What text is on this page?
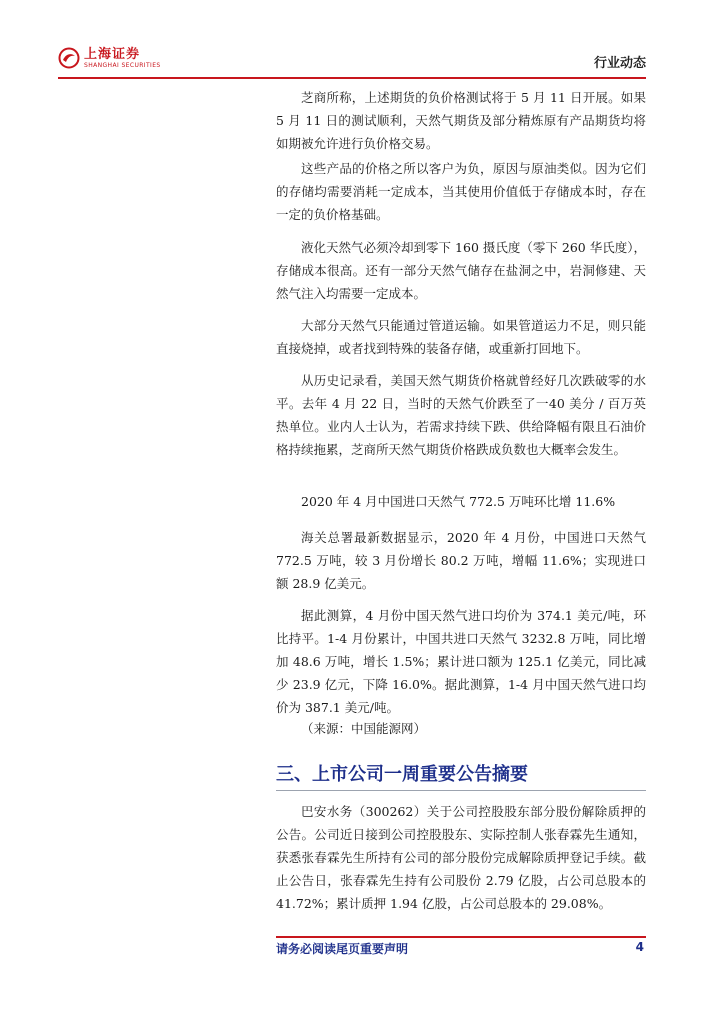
上海证券
SHANGHAI SECURITIES	行业动态
芝商所称，上述期货的负价格测试将于 5 月 11 日开展。如果 5 月 11 日的测试顺利，天然气期货及部分精炼原有产品期货均将如期被允许进行负价格交易。
这些产品的价格之所以客户为负，原因与原油类似。因为它们的存储均需要消耗一定成本，当其使用价值低于存储成本时，存在一定的负价格基础。
液化天然气必须冷却到零下 160 摄氏度（零下 260 华氏度），存储成本很高。还有一部分天然气储存在盐洞之中，岩洞修建、天然气注入均需要一定成本。
大部分天然气只能通过管道运输。如果管道运力不足，则只能直接烧掉，或者找到特殊的装备存储，或重新打回地下。
从历史记录看，美国天然气期货价格就曾经好几次跌破零的水平。去年 4 月 22 日，当时的天然气价跌至了一40 美分 / 百万英热单位。业内人士认为，若需求持续下跌、供给降幅有限且石油价格持续拖累，芝商所天然气期货价格跌成负数也大概率会发生。
2020 年 4 月中国进口天然气 772.5 万吨环比增 11.6%
海关总署最新数据显示，2020 年 4 月份，中国进口天然气 772.5 万吨，较 3 月份增长 80.2 万吨，增幅 11.6%；实现进口额 28.9 亿美元。
据此测算，4 月份中国天然气进口均价为 374.1 美元/吨，环比持平。1-4 月份累计，中国共进口天然气 3232.8 万吨，同比增加 48.6 万吨，增长 1.5%；累计进口额为 125.1 亿美元，同比减少 23.9 亿元，下降 16.0%。据此测算，1-4 月中国天然气进口均价为 387.1 美元/吨。
（来源：中国能源网）
三、上市公司一周重要公告摘要
巴安水务（300262）关于公司控股股东部分股份解除质押的公告。公司近日接到公司控股股东、实际控制人张春霖先生通知，获悉张春霖先生所持有公司的部分股份完成解除质押登记手续。截止公告日，张春霖先生持有公司股份 2.79 亿股，占公司总股本的 41.72%；累计质押 1.94 亿股，占公司总股本的 29.08%。
请务必阅读尾页重要声明	4
